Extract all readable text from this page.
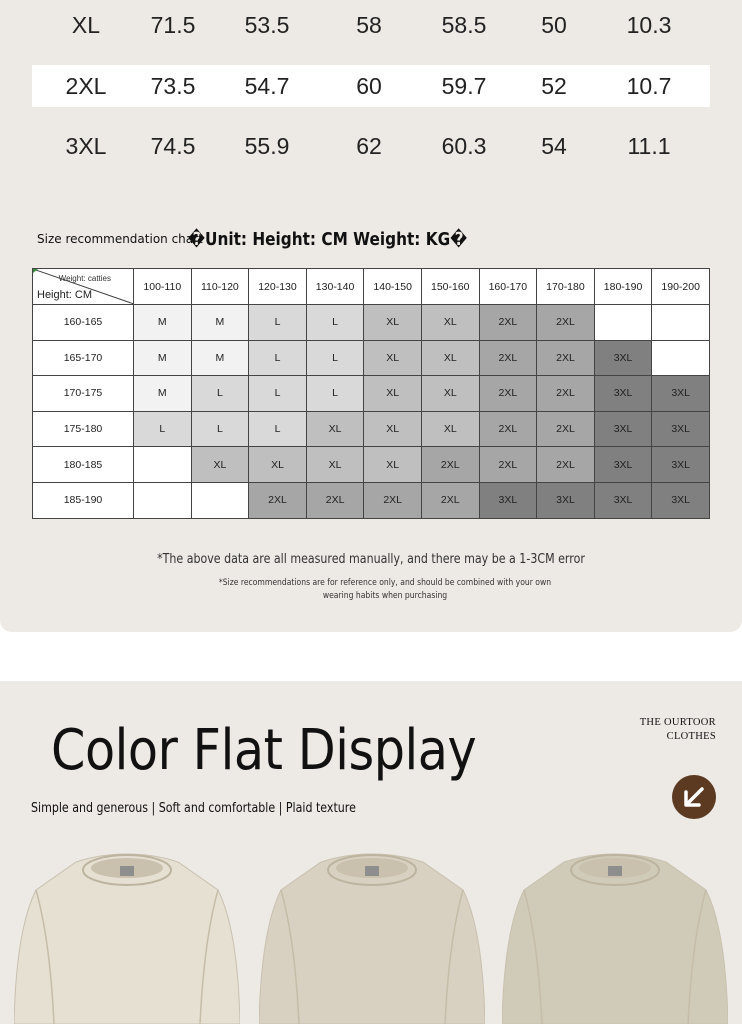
XL	71.5	53.5	58	58.5	50	10.3
2XL	73.5	54.7	60	59.7	52	10.7
3XL	74.5	55.9	62	60.3	54	11.1
Size recommendation chart
�Unit: Height: CM Weight: KG�
Weight: catties
Height: CM	100-110	110-120	120-130	130-140	140-150	150-160	160-170	170-180	180-190	190-200
160-165	M	M	L	L	XL	XL	2XL	2XL		
165-170	M	M	L	L	XL	XL	2XL	2XL	3XL	
170-175	M	L	L	L	XL	XL	2XL	2XL	3XL	3XL
175-180	L	L	L	XL	XL	XL	2XL	2XL	3XL	3XL
180-185		XL	XL	XL	XL	2XL	2XL	2XL	3XL	3XL
185-190			2XL	2XL	2XL	2XL	3XL	3XL	3XL	3XL
*The above data are all measured manually, and there may be a 1-3CM error
*Size recommendations are for reference only, and should be combined with your own wearing habits when purchasing
THE OURTOOR
CLOTHES
Color Flat Display
Simple and generous | Soft and comfortable | Plaid texture
